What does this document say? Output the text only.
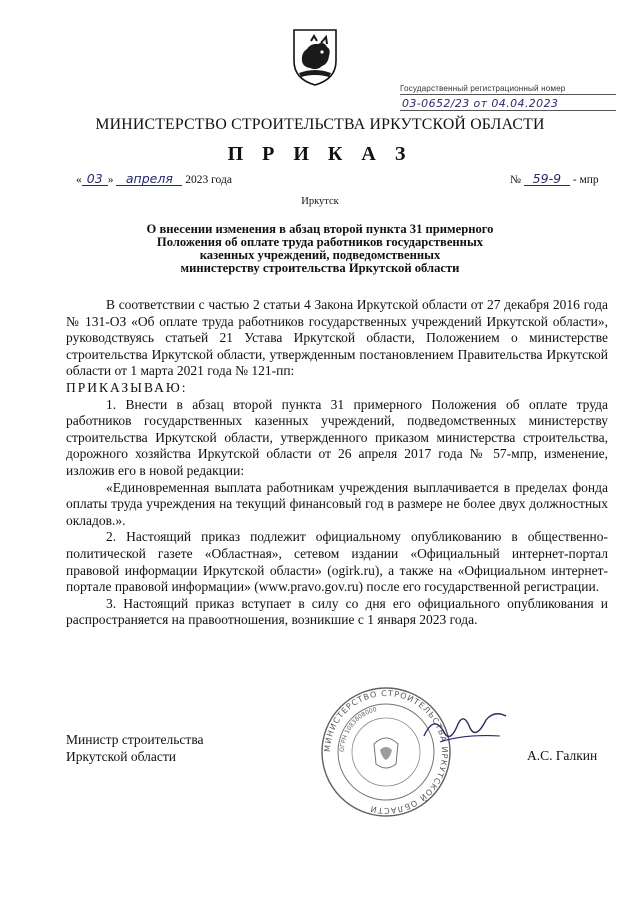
Государственный регистрационный номер
03-0652/23 от 04.04.2023
МИНИСТЕРСТВО СТРОИТЕЛЬСТВА ИРКУТСКОЙ ОБЛАСТИ
П Р И К А З
« 03 » апреля 2023 года	№ 59-9 - мпр
Иркутск
О внесении изменения в абзац второй пункта 31 примерного
Положения об оплате труда работников государственных
казенных учреждений, подведомственных
министерству строительства Иркутской области

В соответствии с частью 2 статьи 4 Закона Иркутской области от 27 декабря 2016 года № 131-ОЗ «Об оплате труда работников государственных учреждений Иркутской области», руководствуясь статьей 21 Устава Иркутской области, Положением о министерстве строительства Иркутской области, утвержденным постановлением Правительства Иркутской области от 1 марта 2021 года № 121-пп:

ПРИКАЗЫВАЮ:

1. Внести в абзац второй пункта 31 примерного Положения об оплате труда работников государственных казенных учреждений, подведомственных министерству строительства Иркутской области, утвержденного приказом министерства строительства, дорожного хозяйства Иркутской области от 26 апреля 2017 года № 57-мпр, изменение, изложив его в новой редакции:

«Единовременная выплата работникам учреждения выплачивается в пределах фонда оплаты труда учреждения на текущий финансовый год в размере не более двух должностных окладов.».

2. Настоящий приказ подлежит официальному опубликованию в общественно-политической газете «Областная», сетевом издании «Официальный интернет-портал правовой информации Иркутской области» (ogirk.ru), а также на «Официальном интернет-портале правовой информации» (www.pravo.gov.ru) после его государственной регистрации.

3. Настоящий приказ вступает в силу со дня его официального опубликования и распространяется на правоотношения, возникшие с 1 января 2023 года.

МИНИСТЕРСТВО СТРОИТЕЛЬСТВА ИРКУТСКОЙ ОБЛАСТИ
ОГРН 1083808000
Министр строительства
Иркутской области	А.С. Галкин
